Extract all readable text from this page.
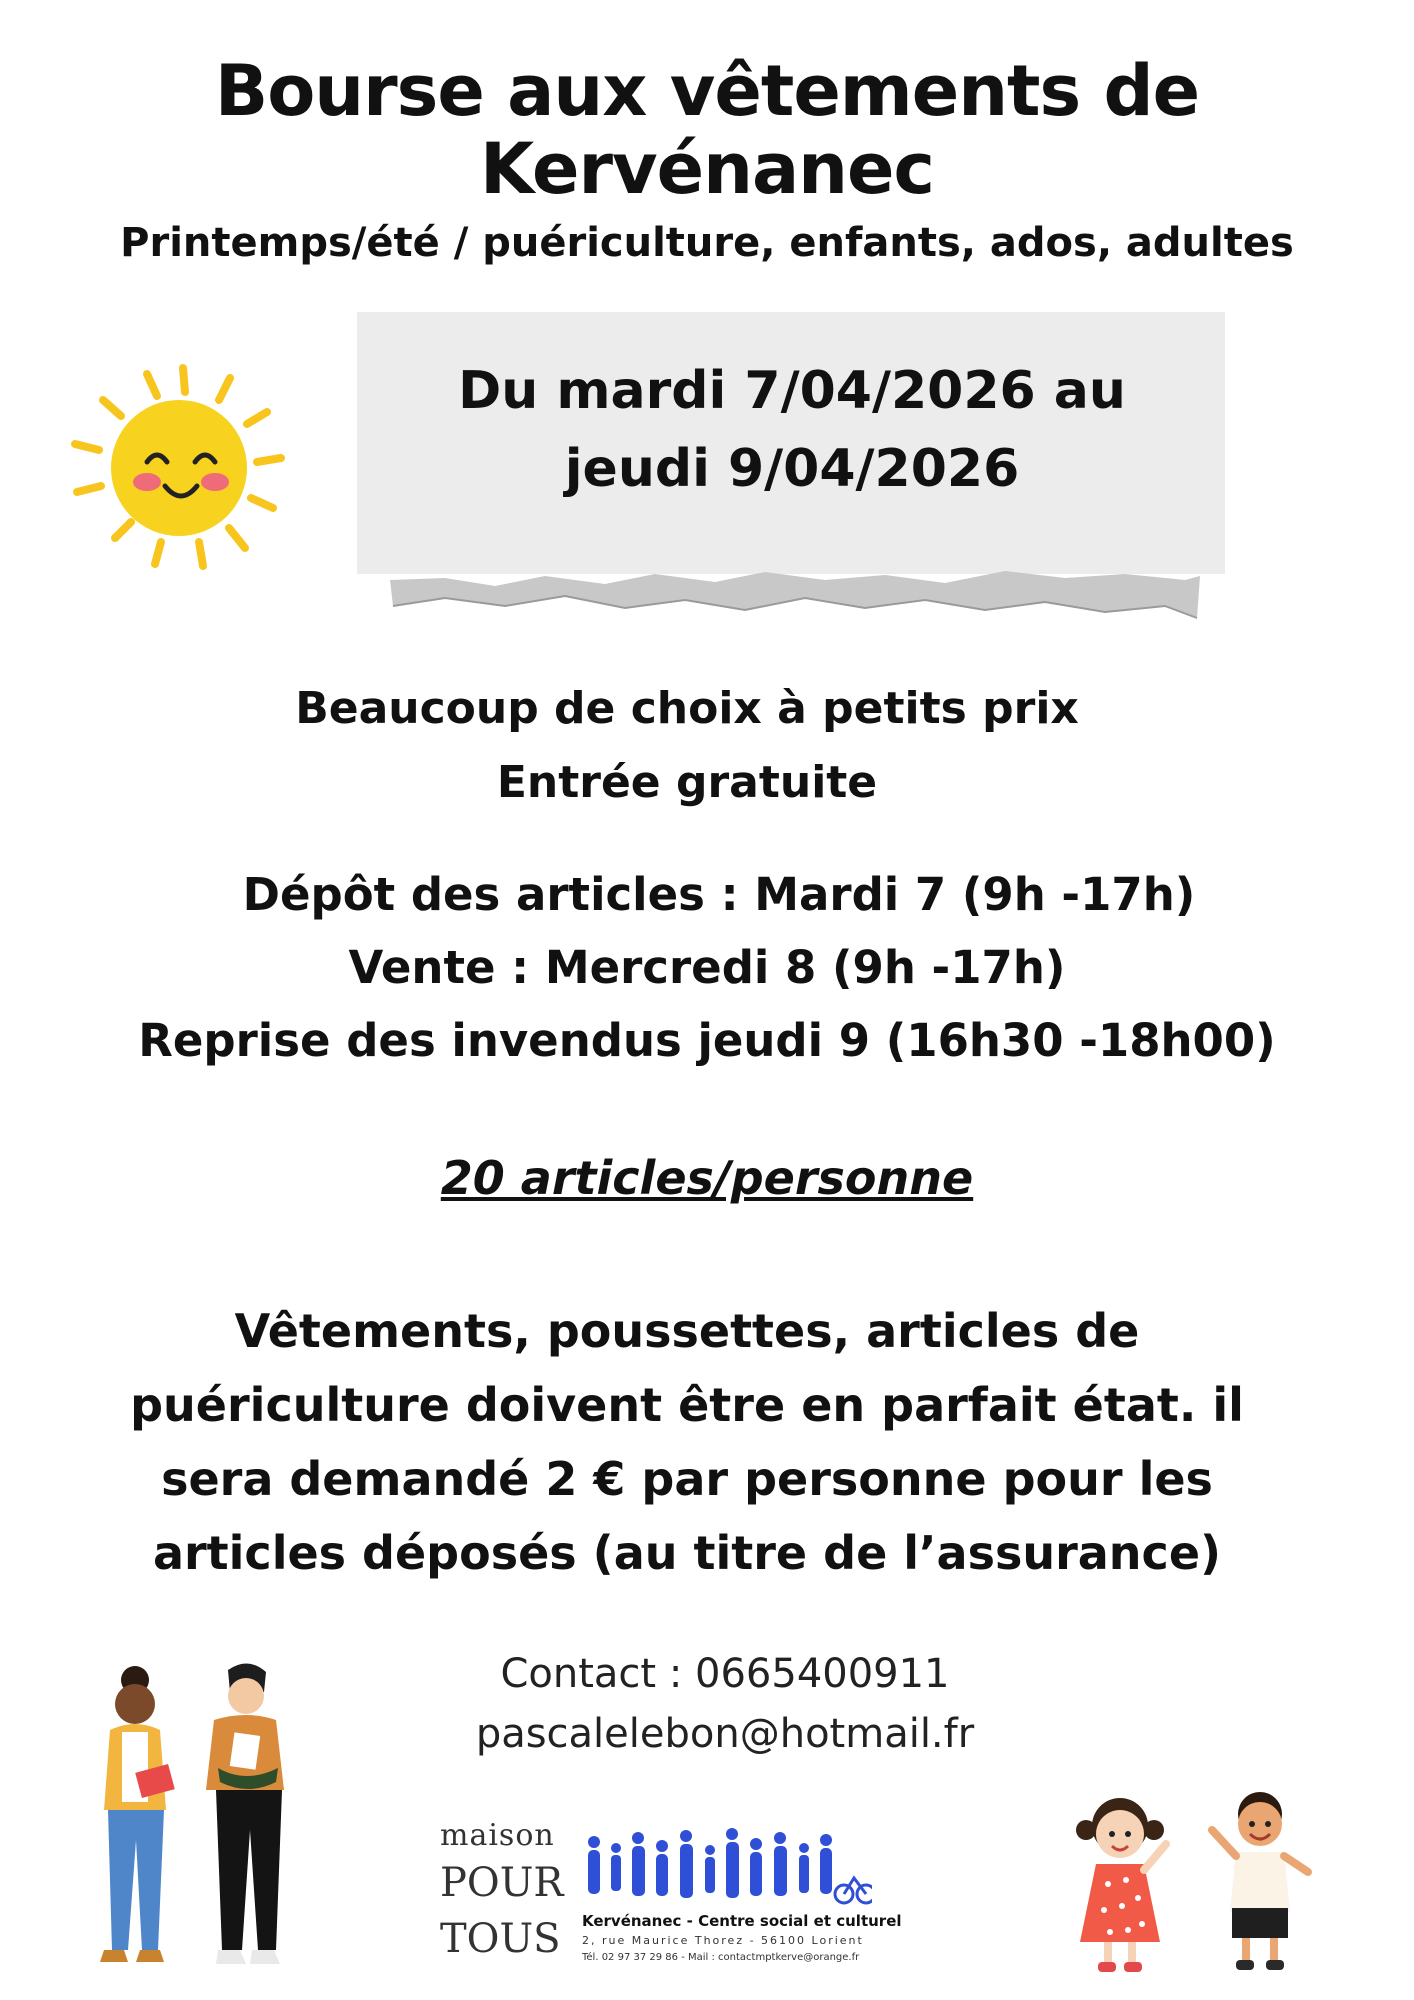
Bourse aux vêtements de
Kervénanec
Printemps/été / puériculture, enfants, ados, adultes
Du mardi 7/04/2026 au
jeudi 9/04/2026
Beaucoup de choix à petits prix
Entrée gratuite
Dépôt des articles : Mardi 7 (9h -17h)
Vente : Mercredi 8 (9h -17h)
Reprise des invendus jeudi 9 (16h30 -18h00)
20 articles/personne
Vêtements, poussettes, articles de
puériculture doivent être en parfait état. il
sera demandé 2 € par personne pour les
articles déposés (au titre de l’assurance)
Contact : 0665400911
pascalelebon@hotmail.fr
maison
POUR
TOUS Kervénanec - Centre social et culturel
2, rue Maurice Thorez - 56100 Lorient
Tél. 02 97 37 29 86 - Mail : contactmptkerve@orange.fr
